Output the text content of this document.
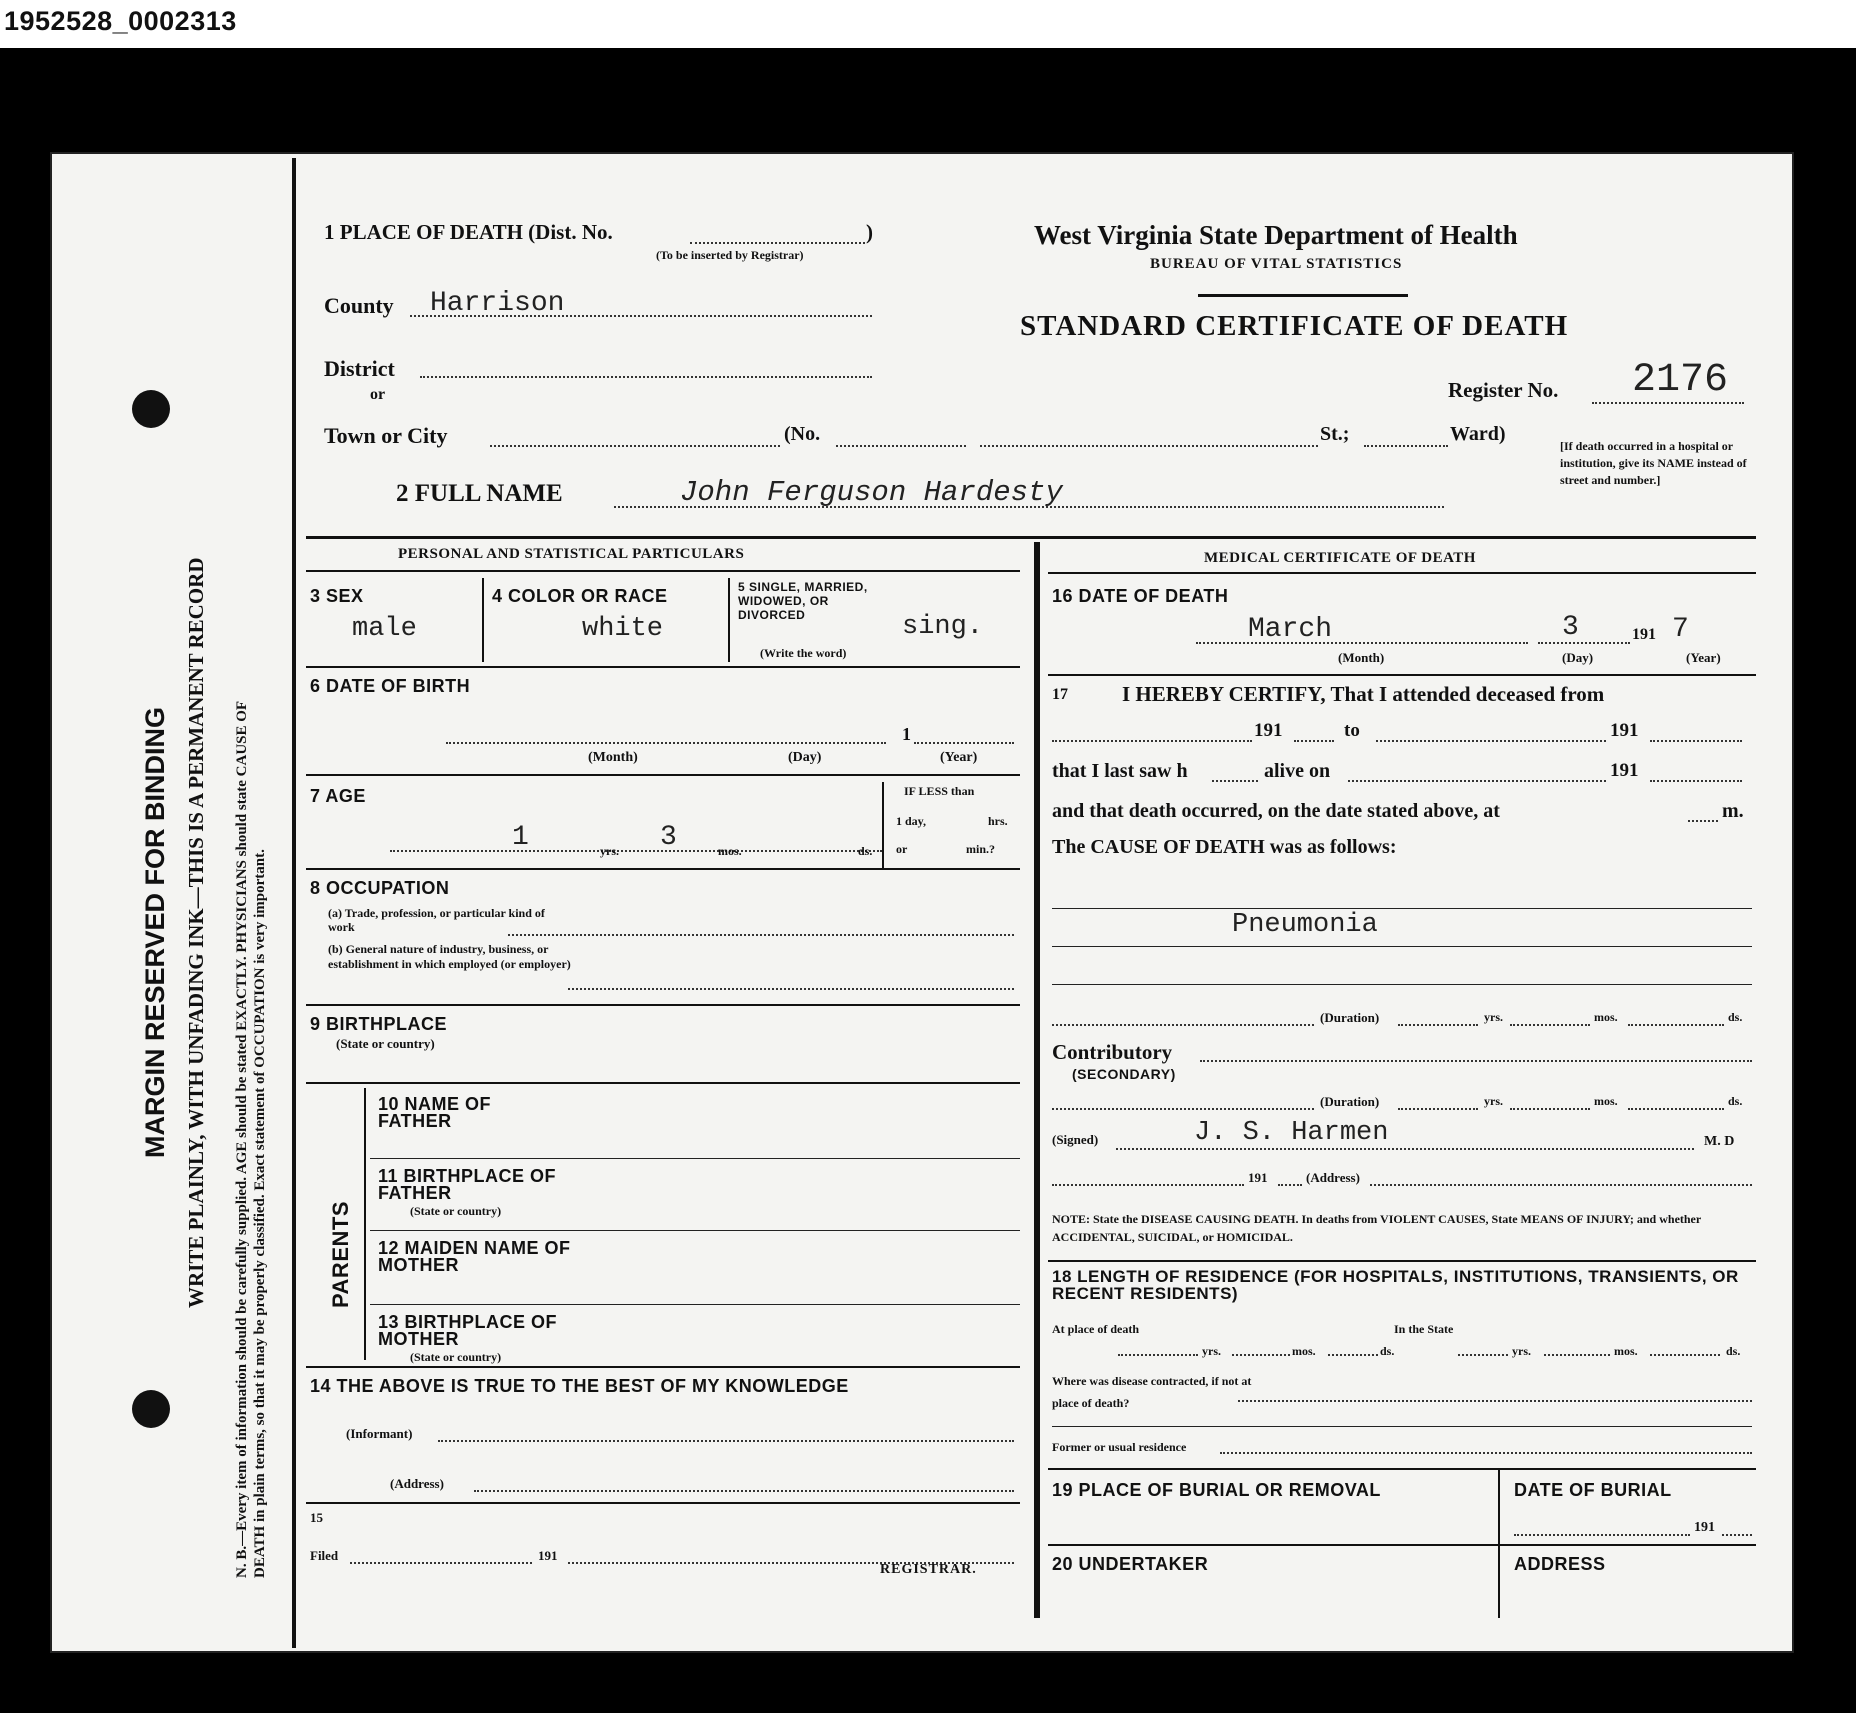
1952528_0002313
MARGIN RESERVED FOR BINDING WRITE PLAINLY, WITH UNFADING INK—THIS IS A PERMANENT RECORD N. B.—Every item of information should be carefully supplied. AGE should be stated EXACTLY. PHYSICIANS should state CAUSE OF DEATH in plain terms, so that it may be properly classified. Exact statement of OCCUPATION is very important.
1 PLACE OF DEATH (Dist. No.	)
(To be inserted by Registrar)
County Harrison
District
or
Town or City	(No.	St.;	Ward)
2 FULL NAME	John Ferguson Hardesty
West Virginia State Department of Health
BUREAU OF VITAL STATISTICS
STANDARD CERTIFICATE OF DEATH
Register No. 2176
[If death occurred in a hospital or institution, give its NAME instead of street and number.]
PERSONAL AND STATISTICAL PARTICULARS
3 SEX
male
4 COLOR OR RACE
white
5 SINGLE, MARRIED, WIDOWED, OR DIVORCED
(Write the word)
sing.
6 DATE OF BIRTH
1
(Month)	(Day)	(Year)
7 AGE
1	yrs. 3	mos.	ds.
IF LESS than
1 day,	hrs.
or	min.?
8 OCCUPATION
(a) Trade, profession, or particular kind of work
(b) General nature of industry, business, or establishment in which employed (or employer)
9 BIRTHPLACE
(State or country)
PARENTS
10 NAME OF FATHER
11 BIRTHPLACE OF FATHER
(State or country)
12 MAIDEN NAME OF MOTHER
13 BIRTHPLACE OF MOTHER
(State or country)
14 THE ABOVE IS TRUE TO THE BEST OF MY KNOWLEDGE
(Informant)
(Address)
15
Filed	191
REGISTRAR.
MEDICAL CERTIFICATE OF DEATH
16 DATE OF DEATH
March	3	191 7
(Month)	(Day)	(Year)
17	I HEREBY CERTIFY, That I attended deceased from
191	to	191
that I last saw h	alive on	191
and that death occurred, on the date stated above, at	m.
The CAUSE OF DEATH was as follows:
Pneumonia
(Duration)	yrs.	mos.	ds.
Contributory
(SECONDARY)
(Duration)	yrs.	mos.	ds.
(Signed)	J. S. Harmen	M. D
191	(Address)
NOTE: State the DISEASE CAUSING DEATH. In deaths from VIOLENT CAUSES, State MEANS OF INJURY; and whether ACCIDENTAL, SUICIDAL, or HOMICIDAL.
18 LENGTH OF RESIDENCE (FOR HOSPITALS, INSTITUTIONS, TRANSIENTS, OR RECENT RESIDENTS)
At place of death
yrs.	mos.	ds.
In the State
yrs.	mos.	ds.
Where was disease contracted, if not at place of death?
Former or usual residence
19 PLACE OF BURIAL OR REMOVAL	DATE OF BURIAL
191
20 UNDERTAKER	ADDRESS
